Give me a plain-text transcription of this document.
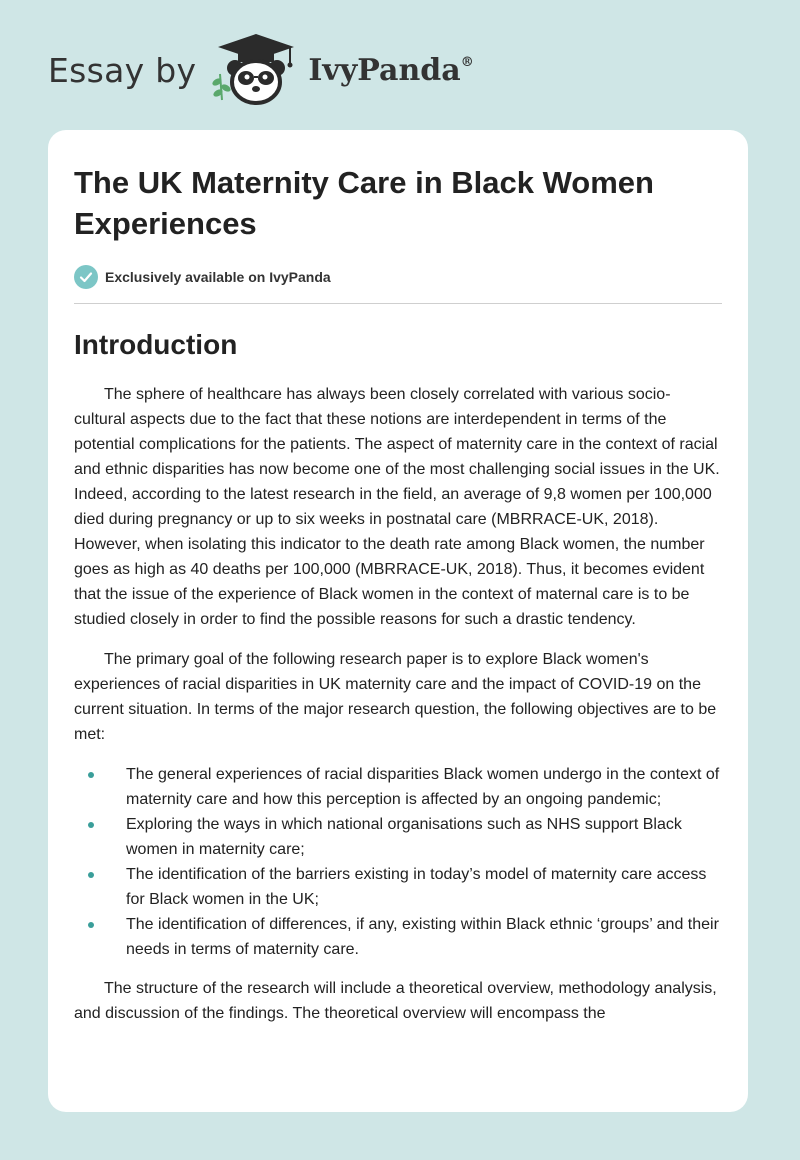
Essay by	IvyPanda®
The UK Maternity Care in Black Women Experiences
Exclusively available on IvyPanda
Introduction

The sphere of healthcare has always been closely correlated with various socio-cultural aspects due to the fact that these notions are interdependent in terms of the potential complications for the patients. The aspect of maternity care in the context of racial and ethnic disparities has now become one of the most challenging social issues in the UK. Indeed, according to the latest research in the field, an average of 9,8 women per 100,000 died during pregnancy or up to six weeks in postnatal care (MBRRACE-UK, 2018). However, when isolating this indicator to the death rate among Black women, the number goes as high as 40 deaths per 100,000 (MBRRACE-UK, 2018). Thus, it becomes evident that the issue of the experience of Black women in the context of maternal care is to be studied closely in order to find the possible reasons for such a drastic tendency.

The primary goal of the following research paper is to explore Black women's experiences of racial disparities in UK maternity care and the impact of COVID-19 on the current situation. In terms of the major research question, the following objectives are to be met:

The general experiences of racial disparities Black women undergo in the context of maternity care and how this perception is affected by an ongoing pandemic;
Exploring the ways in which national organisations such as NHS support Black women in maternity care;
The identification of the barriers existing in today’s model of maternity care access for Black women in the UK;
The identification of differences, if any, existing within Black ethnic ‘groups’ and their needs in terms of maternity care.

The structure of the research will include a theoretical overview, methodology analysis, and discussion of the findings. The theoretical overview will encompass the
